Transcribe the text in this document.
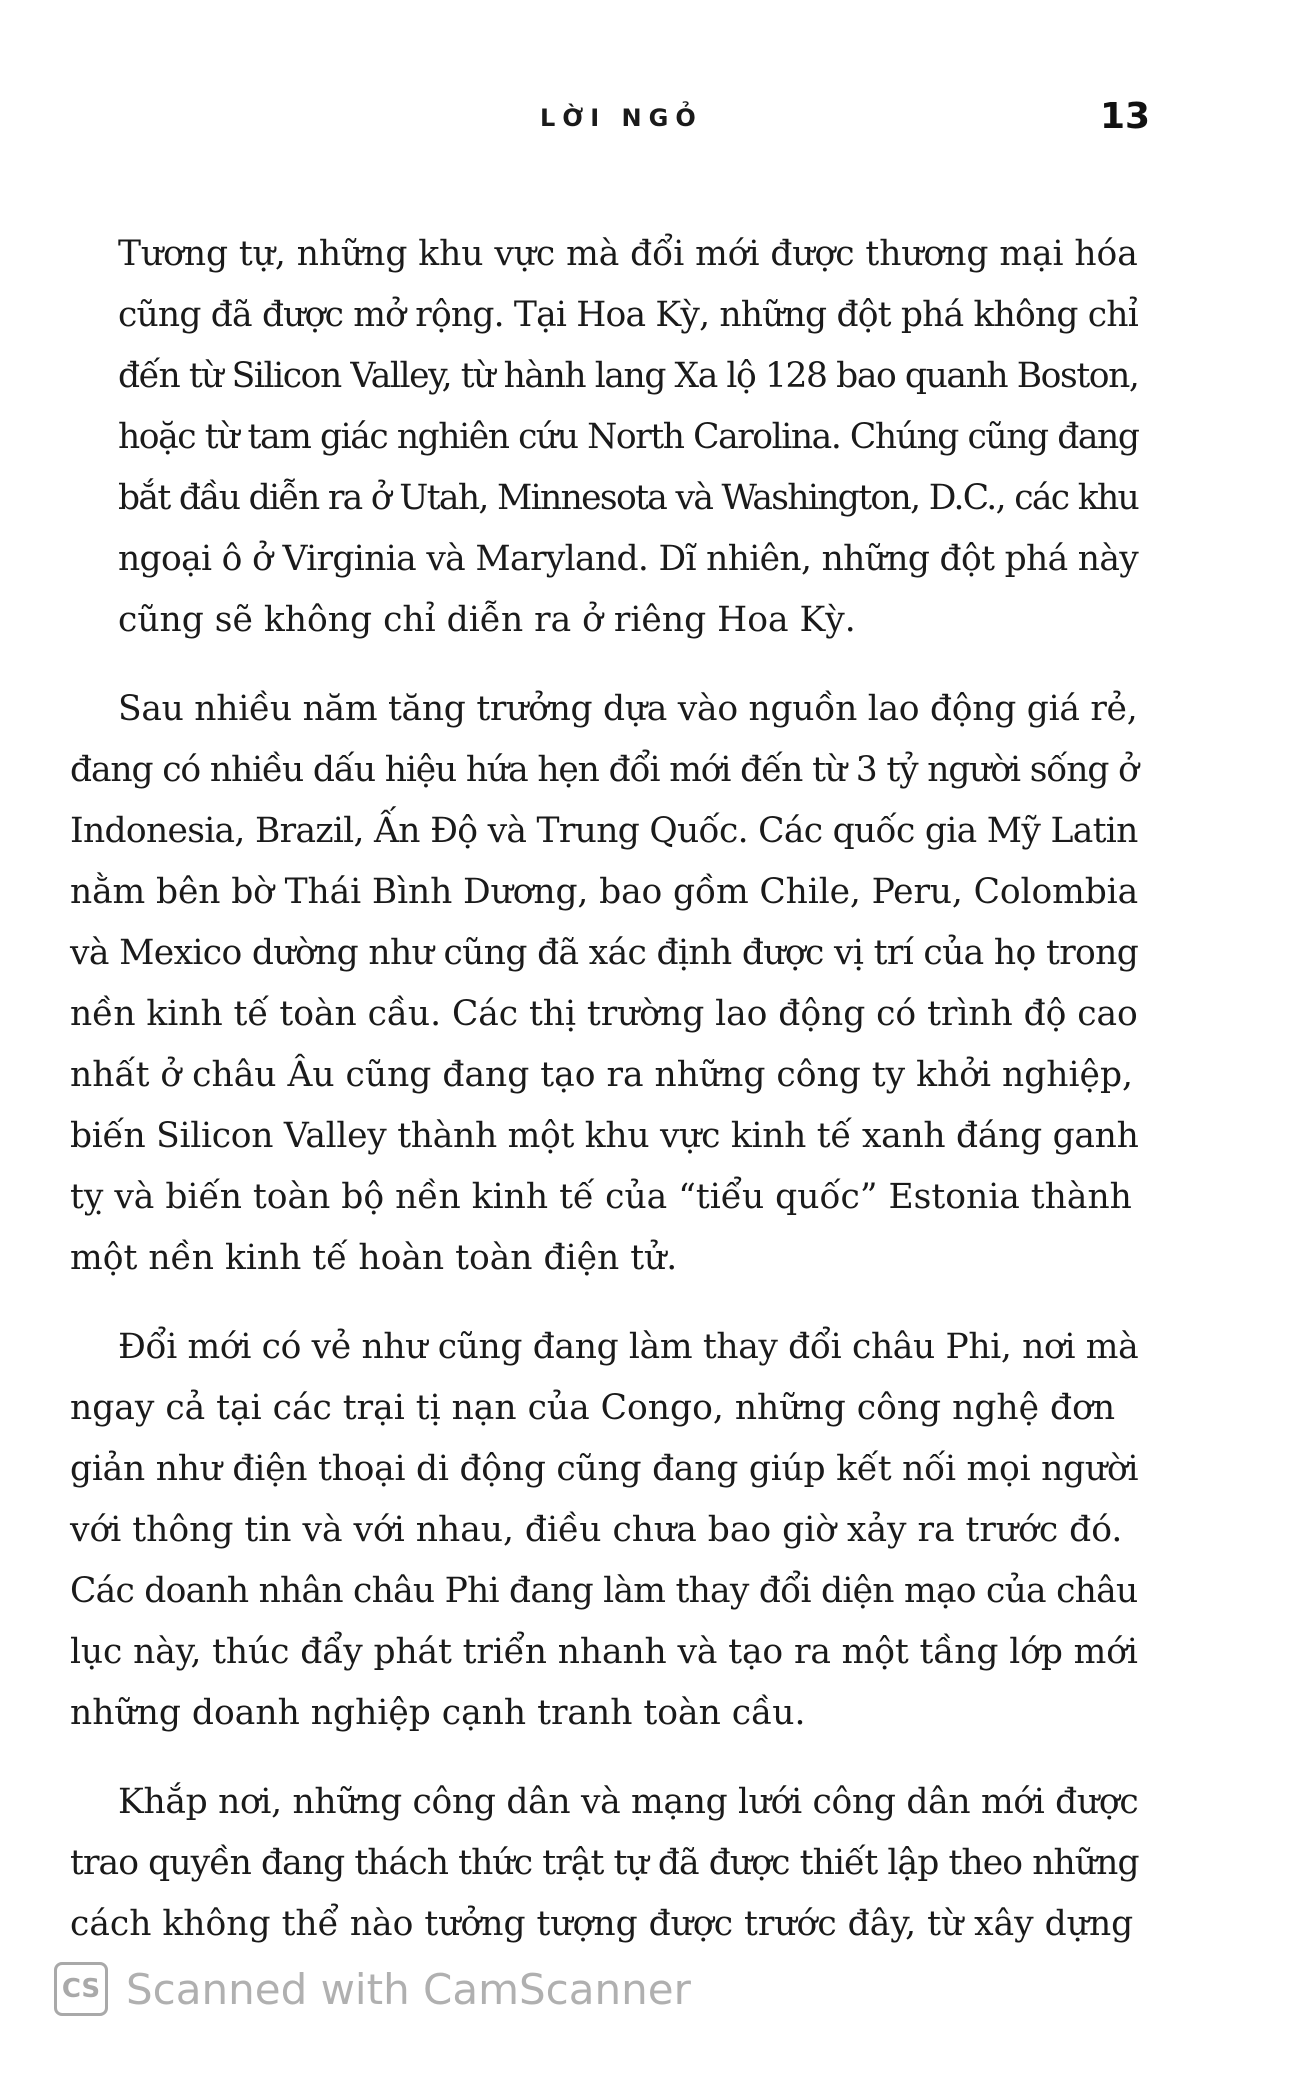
LỜI NGỎ	13

Tương tự, những khu vực mà đổi mới được thương mại hóa
cũng đã được mở rộng. Tại Hoa Kỳ, những đột phá không chỉ
đến từ Silicon Valley, từ hành lang Xa lộ 128 bao quanh Boston,
hoặc từ tam giác nghiên cứu North Carolina. Chúng cũng đang
bắt đầu diễn ra ở Utah, Minnesota và Washington, D.C., các khu
ngoại ô ở Virginia và Maryland. Dĩ nhiên, những đột phá này
cũng sẽ không chỉ diễn ra ở riêng Hoa Kỳ.

Sau nhiều năm tăng trưởng dựa vào nguồn lao động giá rẻ,
đang có nhiều dấu hiệu hứa hẹn đổi mới đến từ 3 tỷ người sống ở
Indonesia, Brazil, Ấn Độ và Trung Quốc. Các quốc gia Mỹ Latin
nằm bên bờ Thái Bình Dương, bao gồm Chile, Peru, Colombia
và Mexico dường như cũng đã xác định được vị trí của họ trong
nền kinh tế toàn cầu. Các thị trường lao động có trình độ cao
nhất ở châu Âu cũng đang tạo ra những công ty khởi nghiệp,
biến Silicon Valley thành một khu vực kinh tế xanh đáng ganh
tỵ và biến toàn bộ nền kinh tế của “tiểu quốc” Estonia thành
một nền kinh tế hoàn toàn điện tử.

Đổi mới có vẻ như cũng đang làm thay đổi châu Phi, nơi mà
ngay cả tại các trại tị nạn của Congo, những công nghệ đơn
giản như điện thoại di động cũng đang giúp kết nối mọi người
với thông tin và với nhau, điều chưa bao giờ xảy ra trước đó.
Các doanh nhân châu Phi đang làm thay đổi diện mạo của châu
lục này, thúc đẩy phát triển nhanh và tạo ra một tầng lớp mới
những doanh nghiệp cạnh tranh toàn cầu.

Khắp nơi, những công dân và mạng lưới công dân mới được
trao quyền đang thách thức trật tự đã được thiết lập theo những
cách không thể nào tưởng tượng được trước đây, từ xây dựng

CS Scanned with CamScanner
